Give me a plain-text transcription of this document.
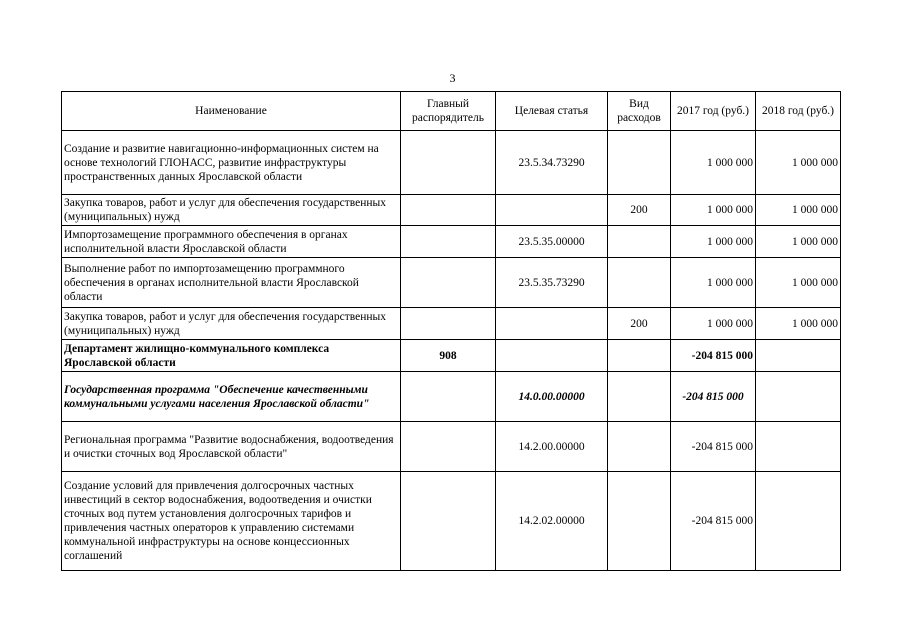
3
Наименование	Главный распорядитель	Целевая статья	Вид расходов	2017 год (руб.)	2018 год (руб.)
Создание и развитие навигационно-информационных систем на основе технологий ГЛОНАСС, развитие инфраструктуры пространственных данных Ярославской области		23.5.34.73290		1 000 000	1 000 000
Закупка товаров, работ и услуг для обеспечения государственных (муниципальных) нужд			200	1 000 000	1 000 000
Импортозамещение программного обеспечения в органах исполнительной власти Ярославской области		23.5.35.00000		1 000 000	1 000 000
Выполнение работ по импортозамещению программного обеспечения в органах исполнительной власти Ярославской области		23.5.35.73290		1 000 000	1 000 000
Закупка товаров, работ и услуг для обеспечения государственных (муниципальных) нужд			200	1 000 000	1 000 000
Департамент жилищно-коммунального комплекса Ярославской области	908			-204 815 000	
Государственная программа "Обеспечение качественными коммунальными услугами населения Ярославской области"		14.0.00.00000		-204 815 000	
Региональная программа "Развитие водоснабжения, водоотведения и очистки сточных вод Ярославской области"		14.2.00.00000		-204 815 000	
Создание условий для привлечения долгосрочных частных инвестиций в сектор водоснабжения, водоотведения и очистки сточных вод путем установления долгосрочных тарифов и привлечения частных операторов к управлению системами коммунальной инфраструктуры на основе концессионных соглашений		14.2.02.00000		-204 815 000	
